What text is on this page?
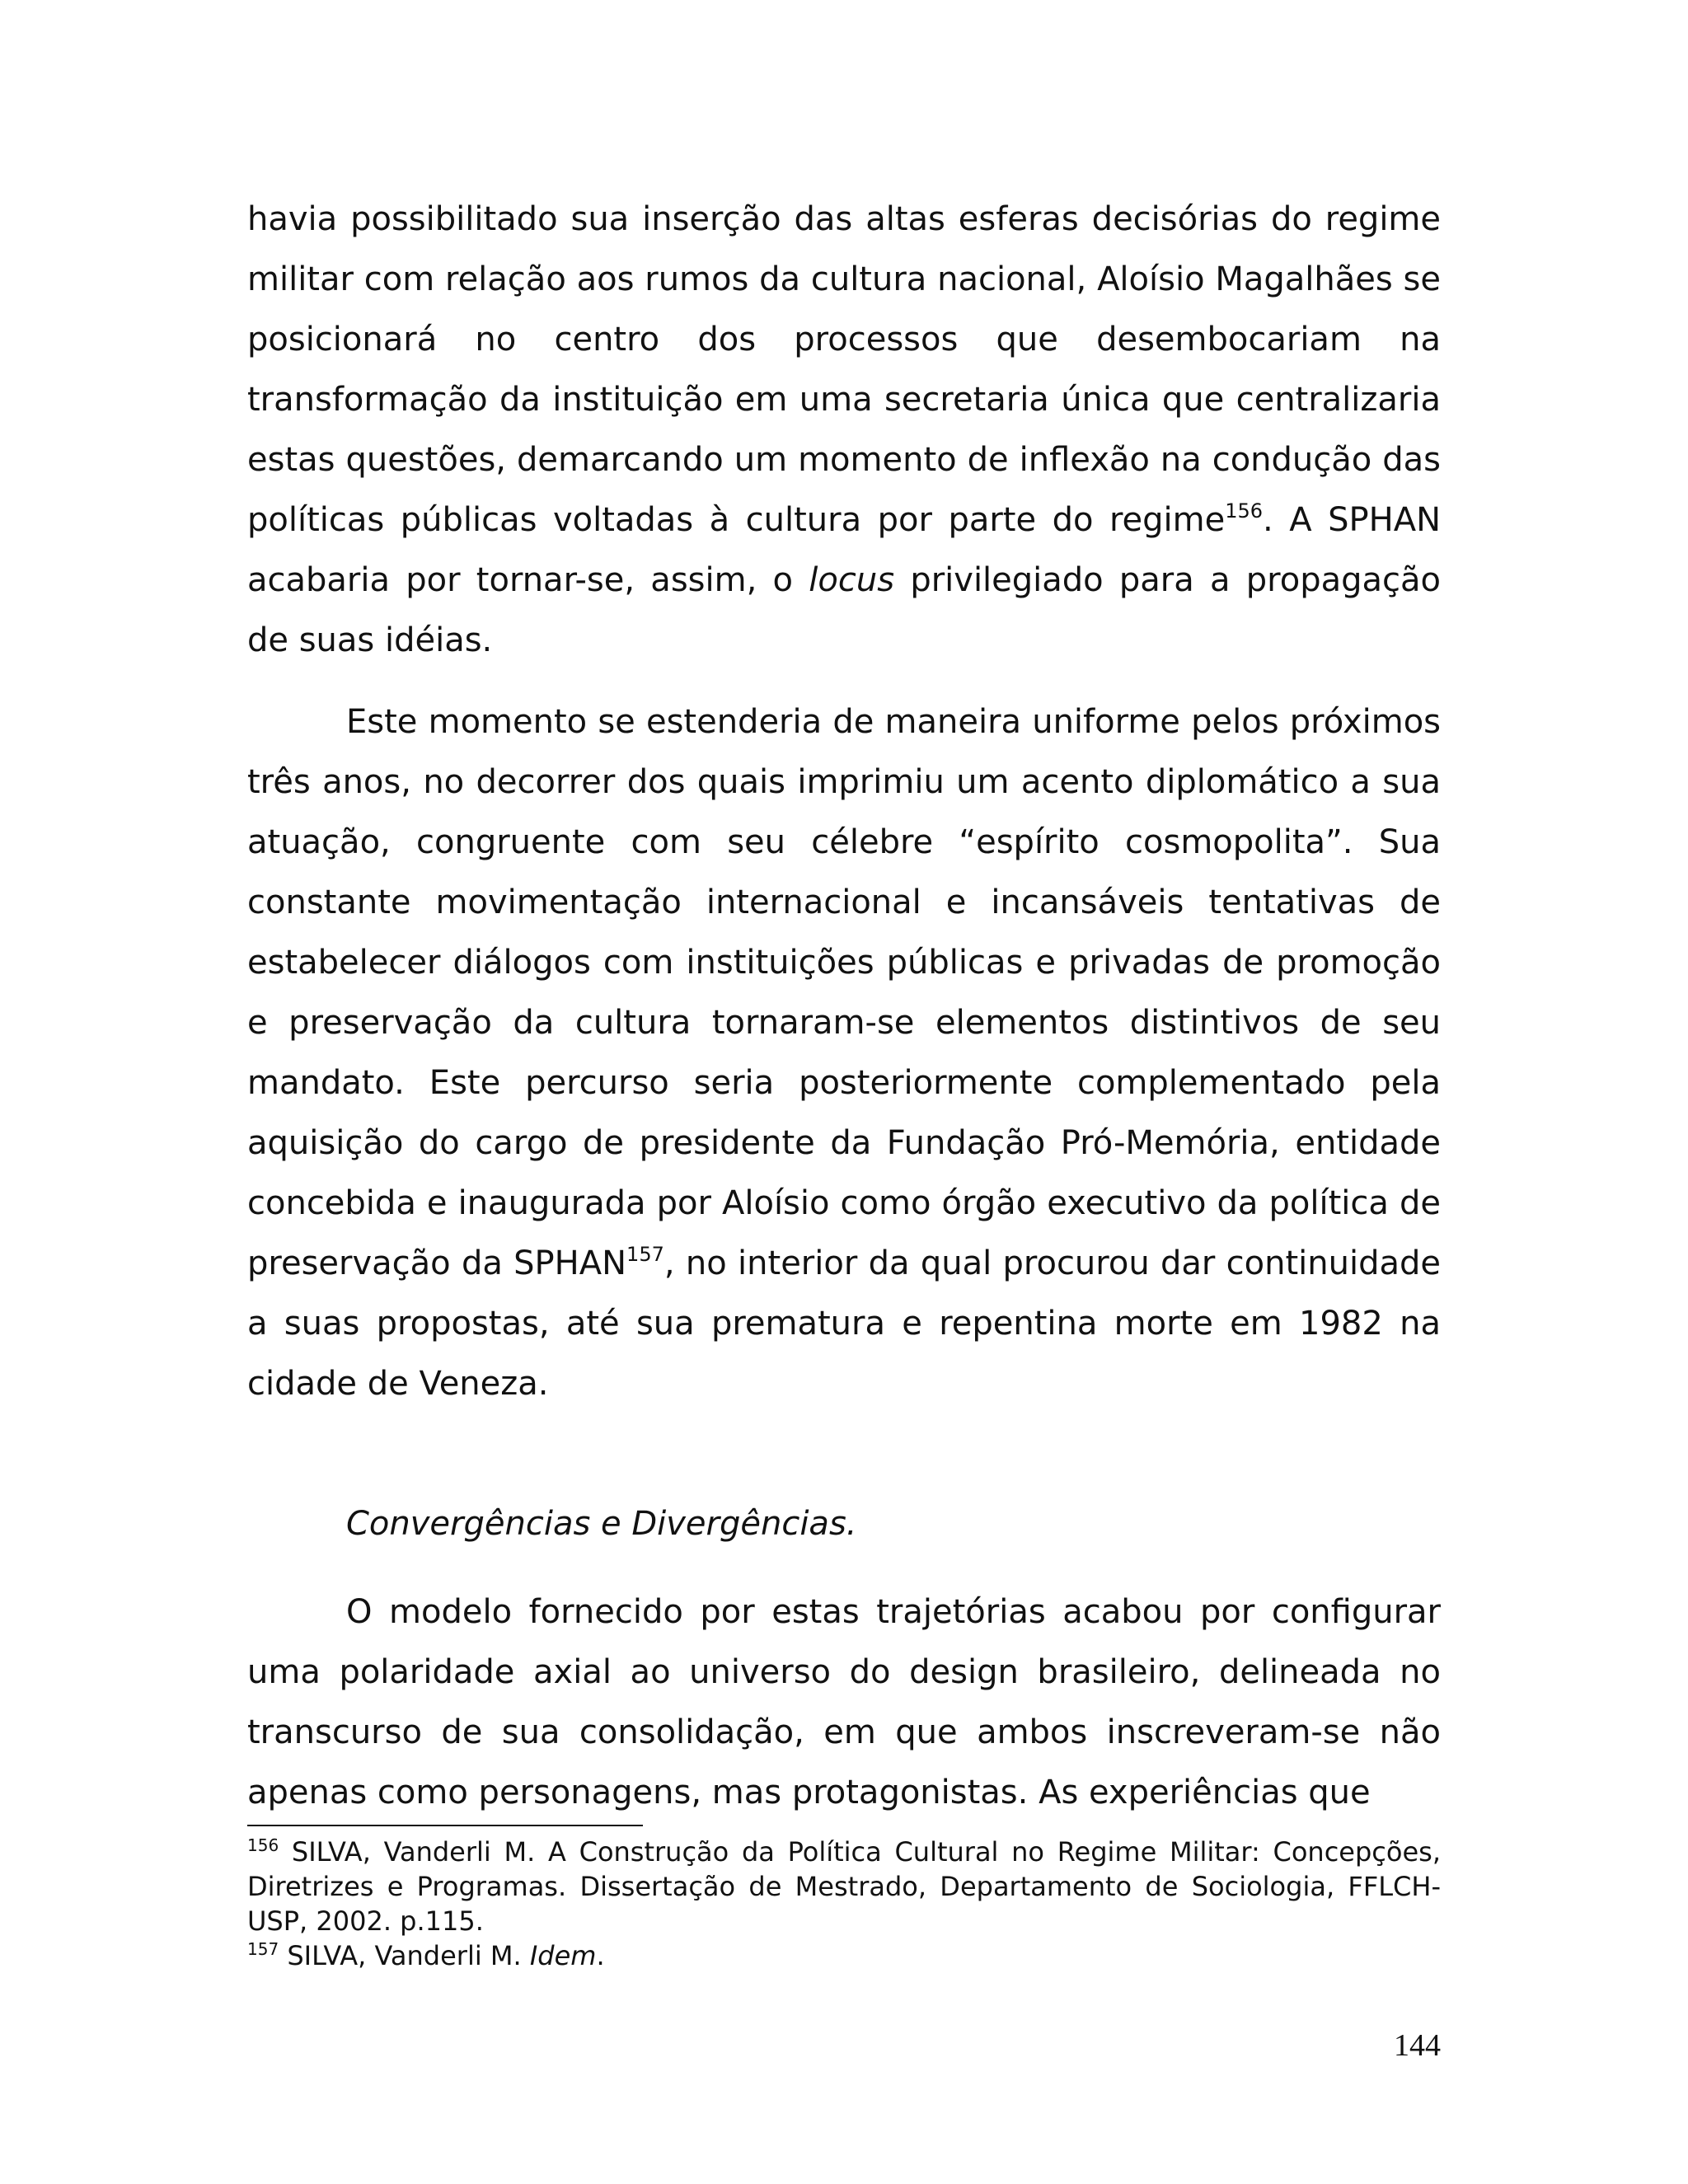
havia possibilitado sua inserção das altas esferas decisórias do regime militar com relação aos rumos da cultura nacional, Aloísio Magalhães se posicionará no centro dos processos que desembocariam na transformação da instituição em uma secretaria única que centralizaria estas questões, demarcando um momento de inflexão na condução das políticas públicas voltadas à cultura por parte do regime$^{156}$. A SPHAN acabaria por tornar-se, assim, o locus privilegiado para a propagação de suas idéias.

Este momento se estenderia de maneira uniforme pelos próximos três anos, no decorrer dos quais imprimiu um acento diplomático a sua atuação, congruente com seu célebre “espírito cosmopolita”. Sua constante movimentação internacional e incansáveis tentativas de estabelecer diálogos com instituições públicas e privadas de promoção e preservação da cultura tornaram-se elementos distintivos de seu mandato. Este percurso seria posteriormente complementado pela aquisição do cargo de presidente da Fundação Pró-Memória, entidade concebida e inaugurada por Aloísio como órgão executivo da política de preservação da SPHAN$^{157}$, no interior da qual procurou dar continuidade a suas propostas, até sua prematura e repentina morte em 1982 na cidade de Veneza.

Convergências e Divergências.

O modelo fornecido por estas trajetórias acabou por configurar uma polaridade axial ao universo do design brasileiro, delineada no transcurso de sua consolidação, em que ambos inscreveram-se não apenas como personagens, mas protagonistas. As experiências que

$^{156}$ SILVA, Vanderli M. A Construção da Política Cultural no Regime Militar: Concepções, Diretrizes e Programas. Dissertação de Mestrado, Departamento de Sociologia, FFLCH-USP, 2002. p.115.

$^{157}$ SILVA, Vanderli M. Idem.

144
